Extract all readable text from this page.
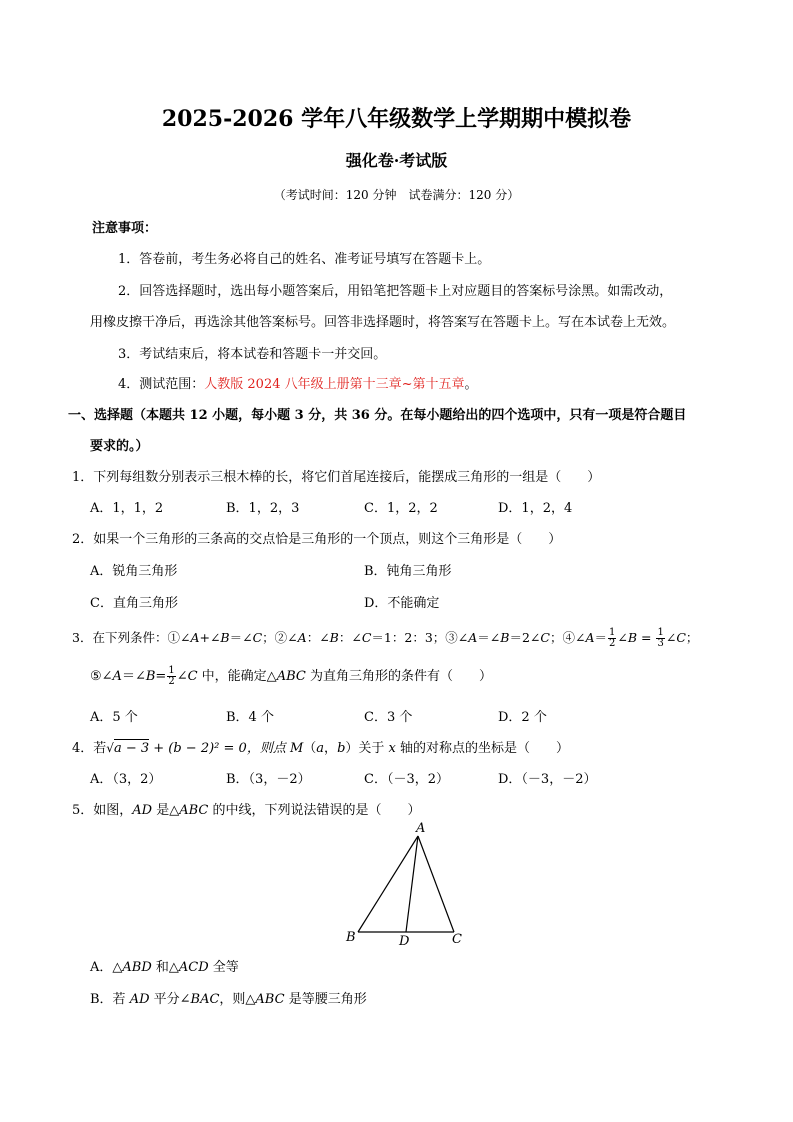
2025-2026 学年八年级数学上学期期中模拟卷
强化卷·考试版
（考试时间：120 分钟　试卷满分：120 分）
注意事项：
1．答卷前，考生务必将自己的姓名、准考证号填写在答题卡上。
2．回答选择题时，选出每小题答案后，用铅笔把答题卡上对应题目的答案标号涂黑。如需改动，
用橡皮擦干净后，再选涂其他答案标号。回答非选择题时，将答案写在答题卡上。写在本试卷上无效。
3．考试结束后，将本试卷和答题卡一并交回。
4．测试范围：人教版 2024 八年级上册第十三章~第十五章。
一、选择题（本题共 12 小题，每小题 3 分，共 36 分。在每小题给出的四个选项中，只有一项是符合题目
要求的。）
1．下列每组数分别表示三根木棒的长，将它们首尾连接后，能摆成三角形的一组是（　　）
A．1，1，2	B．1，2，3	C．1，2，2	D．1，2，4
2．如果一个三角形的三条高的交点恰是三角形的一个顶点，则这个三角形是（　　）
A．锐角三角形	B．钝角三角形
C．直角三角形	D．不能确定
3．在下列条件：①∠A+∠B＝∠C；②∠A：∠B：∠C＝1：2：3；③∠A＝∠B＝2∠C；④∠A＝ $\frac{1}{2}$ ∠B = $\frac{1}{3}$ ∠C；
⑤∠A＝∠B= $\frac{1}{2}$ ∠C 中，能确定△ABC 为直角三角形的条件有（　　）
A．5 个	B．4 个	C．3 个	D．2 个
4．若√a − 3 + (b − 2)² = 0，则点 M（a，b）关于 x 轴的对称点的坐标是（　　）
A．（3，2）	B．（3，－2）	C．（－3，2）	D．（－3，－2）
5．如图，AD 是△ABC 的中线，下列说法错误的是（　　）
A
B	D	C
A．△ABD 和△ACD 全等
B．若 AD 平分∠BAC，则△ABC 是等腰三角形
